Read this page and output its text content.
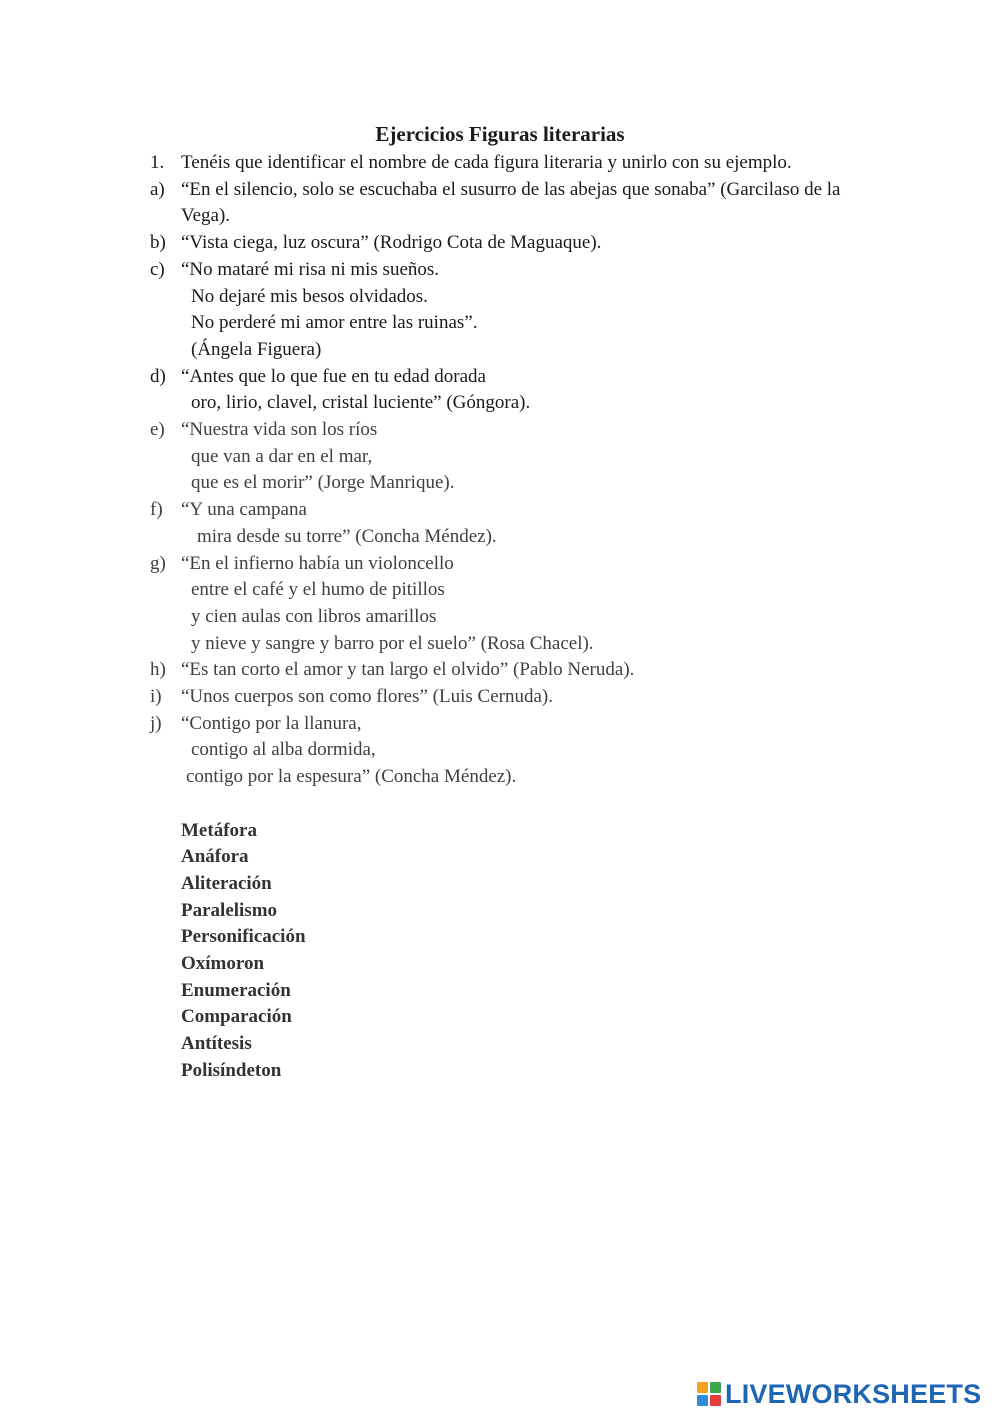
Ejercicios Figuras literarias
1. Tenéis que identificar el nombre de cada figura literaria y unirlo con su ejemplo.
a) “En el silencio, solo se escuchaba el susurro de las abejas que sonaba” (Garcilaso de la Vega).
b) “Vista ciega, luz oscura” (Rodrigo Cota de Maguaque).
c) “No mataré mi risa ni mis sueños.
No dejaré mis besos olvidados.
No perderé mi amor entre las ruinas”.
(Ángela Figuera)
d) “Antes que lo que fue en tu edad dorada
oro, lirio, clavel, cristal luciente” (Góngora).
e) “Nuestra vida son los ríos
que van a dar en el mar,
que es el morir” (Jorge Manrique).
f) “Y una campana
mira desde su torre” (Concha Méndez).
g) “En el infierno había un violoncello
entre el café y el humo de pitillos
y cien aulas con libros amarillos
y nieve y sangre y barro por el suelo” (Rosa Chacel).
h) “Es tan corto el amor y tan largo el olvido” (Pablo Neruda).
i) “Unos cuerpos son como flores” (Luis Cernuda).
j) “Contigo por la llanura,
contigo al alba dormida,
contigo por la espesura” (Concha Méndez).
Metáfora
Anáfora
Aliteración
Paralelismo
Personificación
Oxímoron
Enumeración
Comparación
Antítesis
Polisíndeton
LIVEWORKSHEETS
